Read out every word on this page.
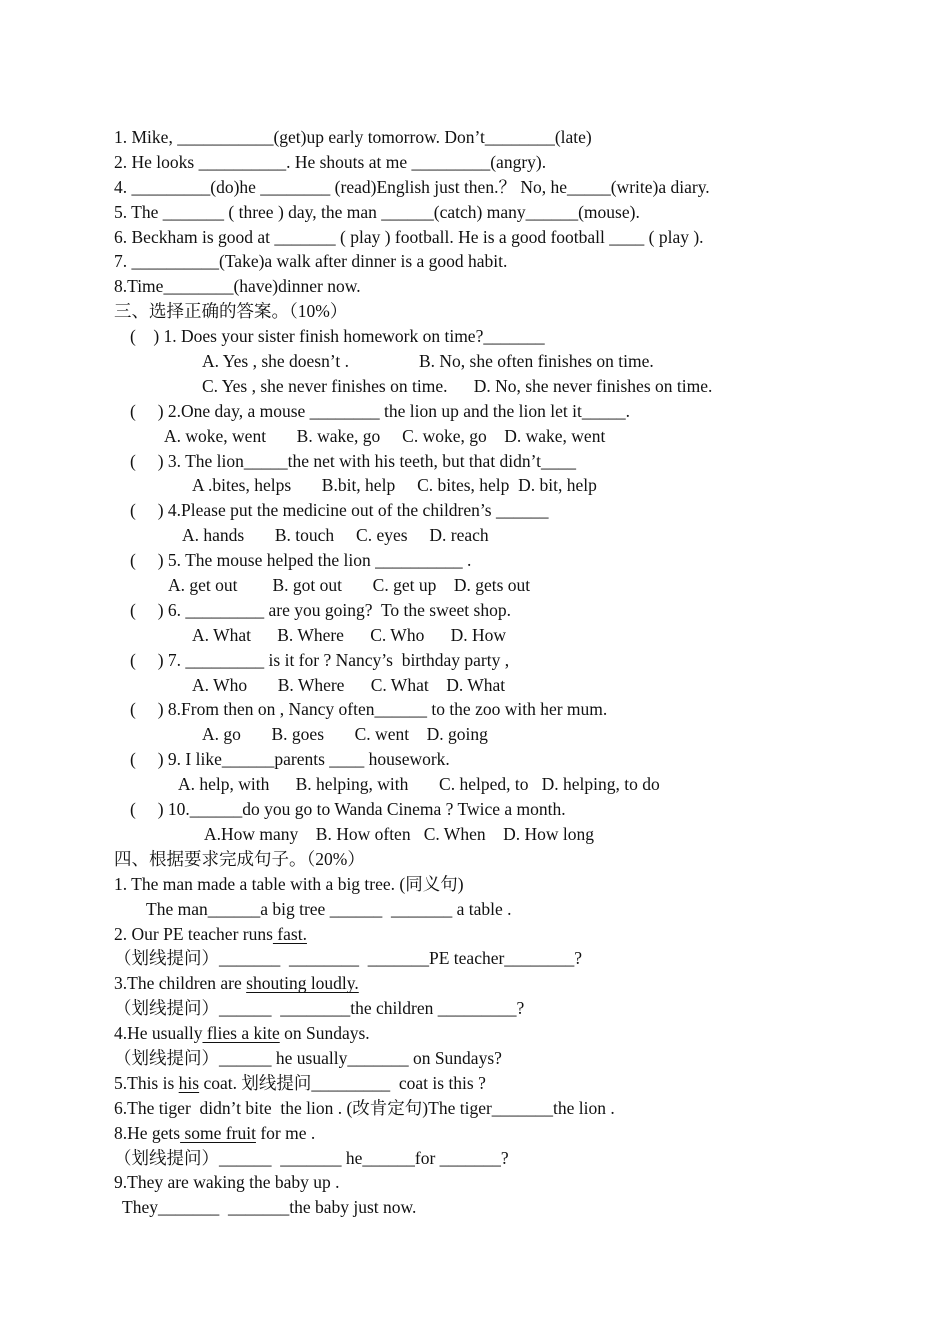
1. Mike, ___________(get)up early tomorrow. Don’t________(late)
2. He looks __________. He shouts at me _________(angry).
4. _________(do)he ________ (read)English just then.？ No, he_____(write)a diary.
5. The _______ ( three ) day, the man ______(catch) many______(mouse).
6. Beckham is good at _______ ( play ) football. He is a good football ____ ( play ).
7. __________(Take)a walk after dinner is a good habit.
8.Time________(have)dinner now.
三、选择正确的答案。（10%）
(    ) 1. Does your sister finish homework on time?_______
A. Yes , she doesn’t .                B. No, she often finishes on time.
C. Yes , she never finishes on time.      D. No, she never finishes on time.
(     ) 2.One day, a mouse ________ the lion up and the lion let it_____.
A. woke, went       B. wake, go     C. woke, go    D. wake, went
(     ) 3. The lion_____the net with his teeth, but that didn’t____
A .bites, helps       B.bit, help     C. bites, help  D. bit, help
(     ) 4.Please put the medicine out of the children’s ______
A. hands       B. touch     C. eyes     D. reach
(     ) 5. The mouse helped the lion __________ .
A. get out        B. got out       C. get up    D. gets out
(     ) 6. _________ are you going?  To the sweet shop.
A. What      B. Where      C. Who      D. How
(     ) 7. _________ is it for ? Nancy’s  birthday party ,
A. Who       B. Where      C. What    D. What
(     ) 8.From then on , Nancy often______ to the zoo with her mum.
A. go       B. goes       C. went    D. going
(     ) 9. I like______parents ____ housework.
A. help, with      B. helping, with       C. helped, to   D. helping, to do
(     ) 10.______do you go to Wanda Cinema ? Twice a month.
A.How many    B. How often   C. When    D. How long
四、根据要求完成句子。（20%）
1. The man made a table with a big tree. (同义句)
The man______a big tree ______  _______ a table .
2. Our PE teacher runs fast.
（划线提问）_______  ________  _______PE teacher________?
3.The children are shouting loudly.
（划线提问）______  ________the children _________?
4.He usually flies a kite on Sundays.
（划线提问）______ he usually_______ on Sundays?
5.This is his coat. 划线提问_________  coat is this ?
6.The tiger  didn’t bite  the lion . (改肯定句)The tiger_______the lion .
8.He gets some fruit for me .
（划线提问）______  _______ he______for _______?
9.They are waking the baby up .
They_______  _______the baby just now.
